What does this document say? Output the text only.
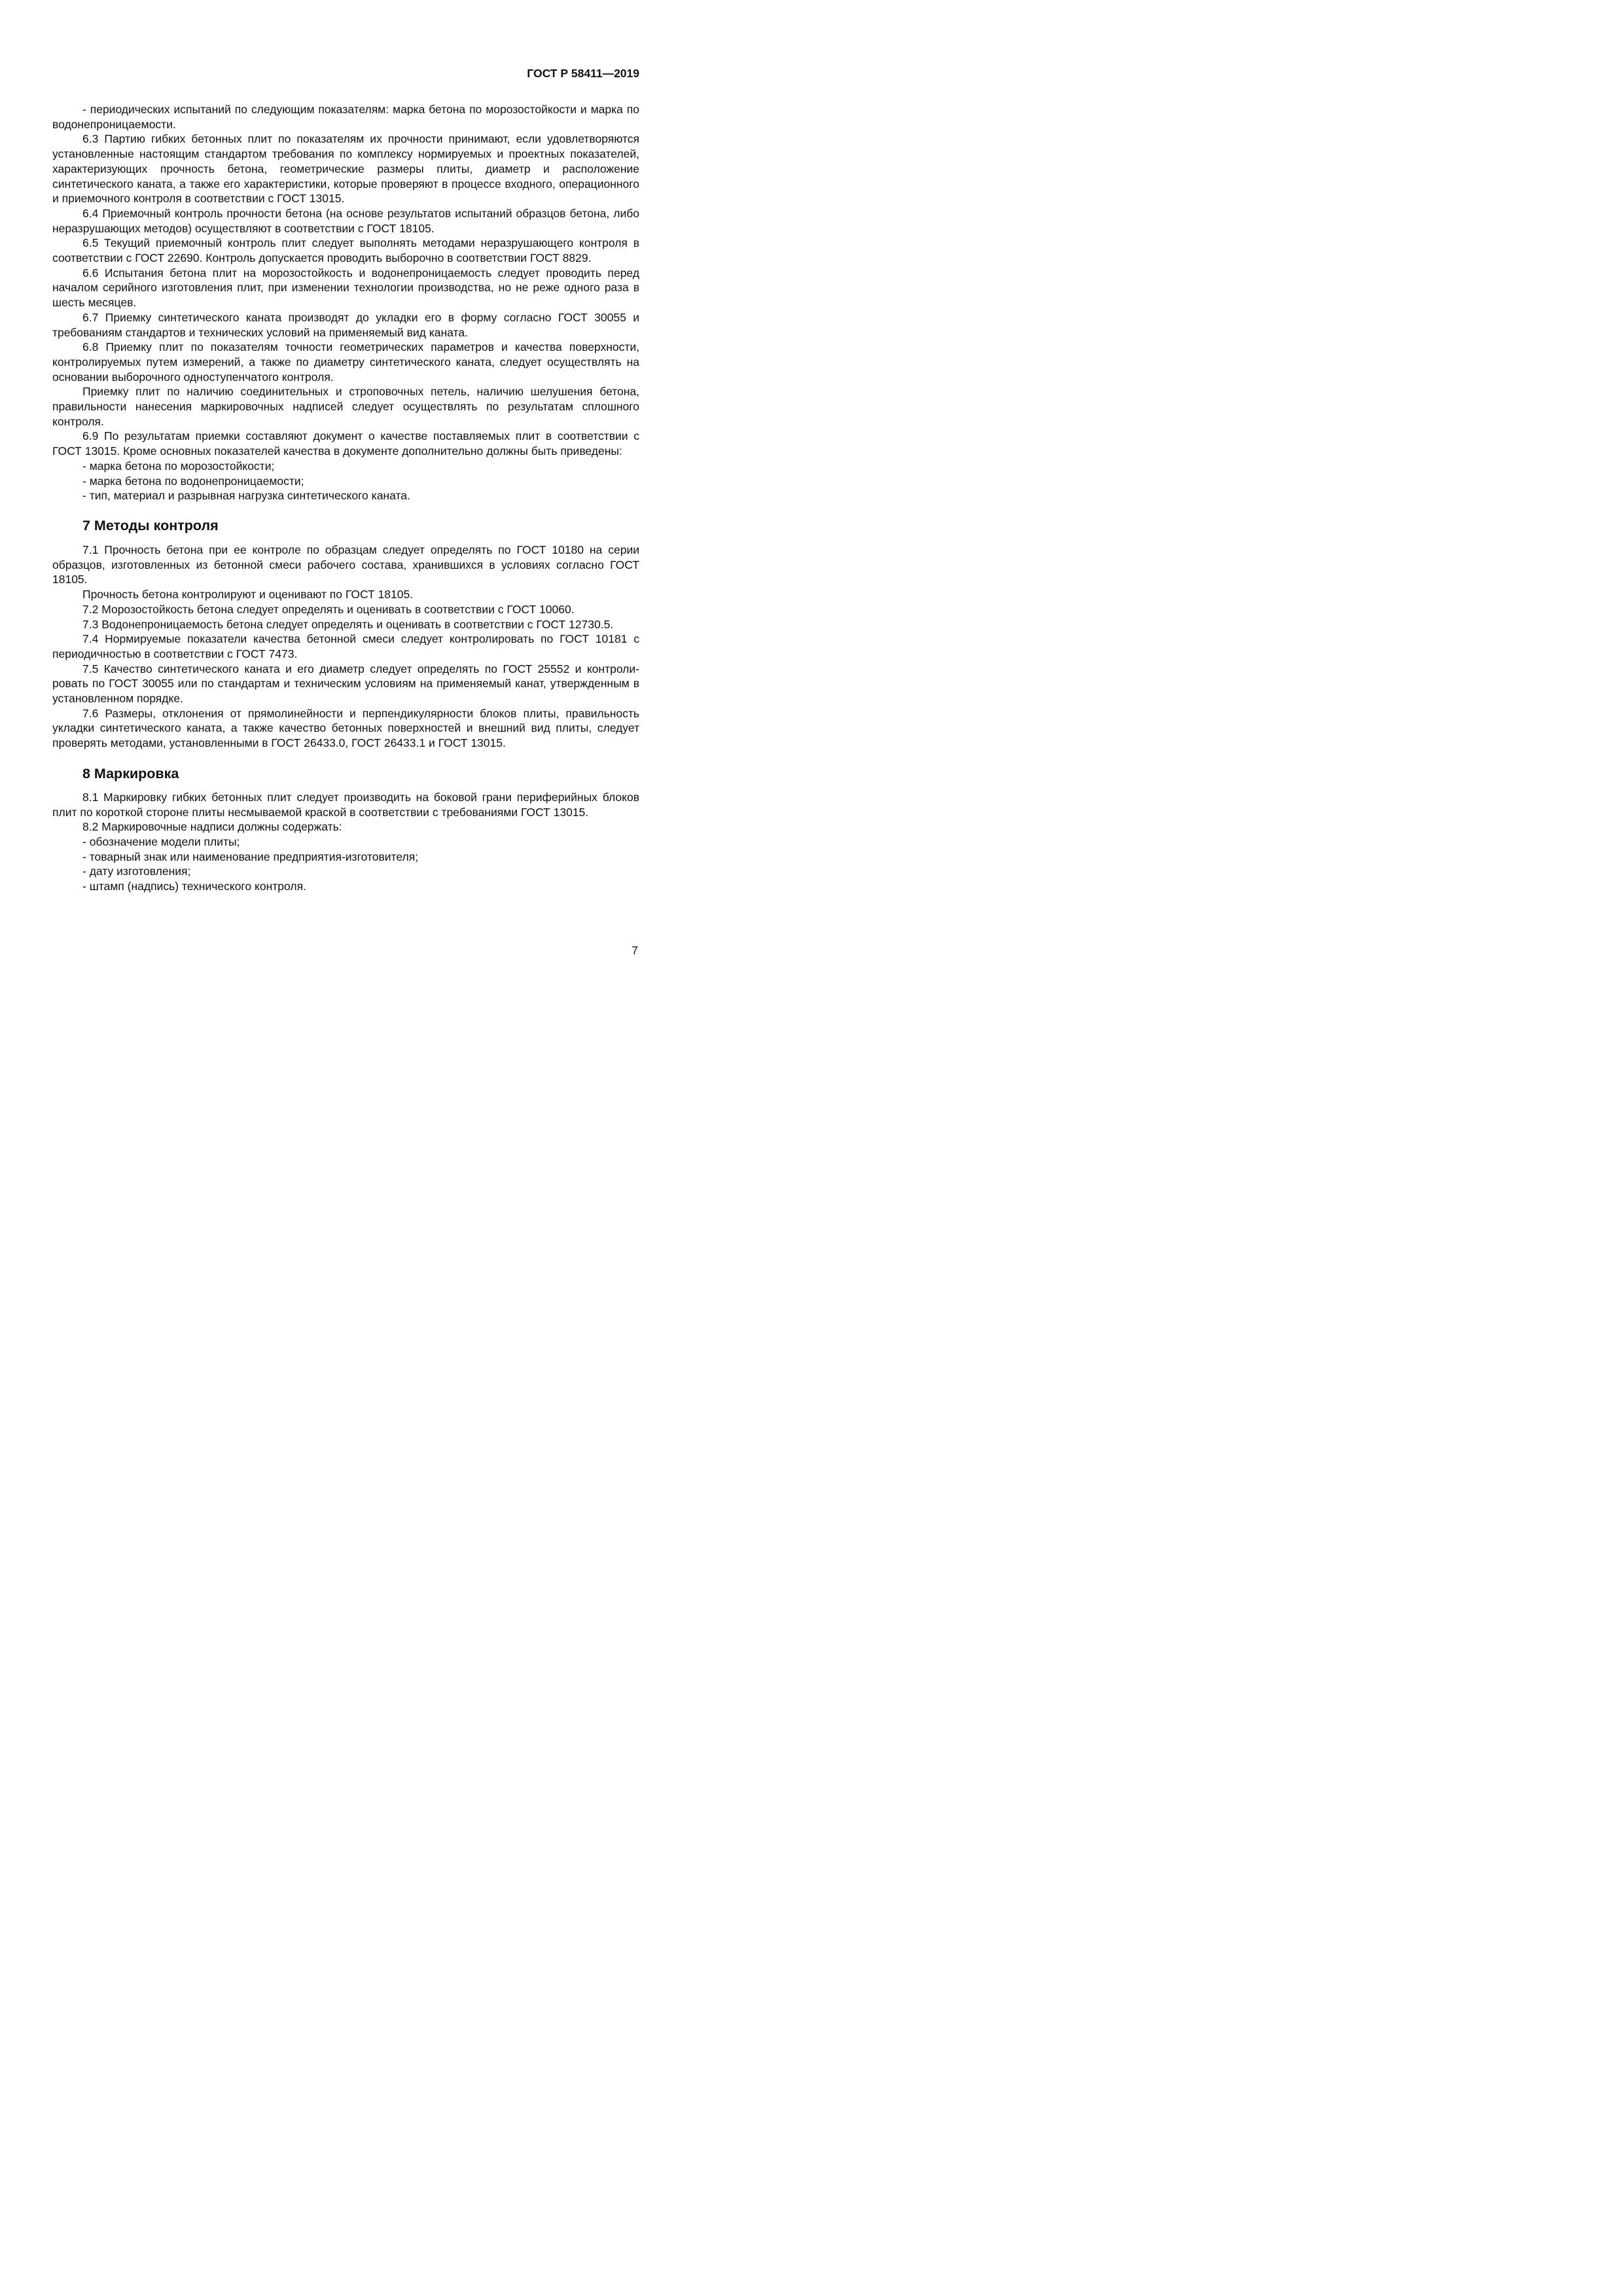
ГОСТ Р 58411—2019

- периодических испытаний по следующим показателям: марка бетона по морозостойкости и марка по водонепроницаемости.

6.3 Партию гибких бетонных плит по показателям их прочности принимают, если удовлетворяются установленные настоящим стандартом требования по комплексу нормируемых и проектных показателей, характеризующих прочность бетона, геометрические размеры плиты, диаметр и расположение синтетического каната, а также его характеристики, которые проверяют в процессе входного, операционного и приемочного контроля в соответствии с ГОСТ 13015.

6.4 Приемочный контроль прочности бетона (на основе результатов испытаний образцов бетона, либо неразрушающих методов) осуществляют в соответствии с ГОСТ 18105.

6.5 Текущий приемочный контроль плит следует выполнять методами неразрушающего контроля в соответствии с ГОСТ 22690. Контроль допускается проводить выборочно в соответствии ГОСТ 8829.

6.6 Испытания бетона плит на морозостойкость и водонепроницаемость следует проводить перед началом серийного изготовления плит, при изменении технологии производства, но не реже одного раза в шесть месяцев.

6.7 Приемку синтетического каната производят до укладки его в форму согласно ГОСТ 30055 и требованиям стандартов и технических условий на применяемый вид каната.

6.8 Приемку плит по показателям точности геометрических параметров и качества поверхности, контролируемых путем измерений, а также по диаметру синтетического каната, следует осуществлять на основании выборочного одноступенчатого контроля.

Приемку плит по наличию соединительных и строповочных петель, наличию шелушения бетона, правильности нанесения маркировочных надписей следует осуществлять по результатам сплошного контроля.

6.9 По результатам приемки составляют документ о качестве поставляемых плит в соответствии с ГОСТ 13015. Кроме основных показателей качества в документе дополнительно должны быть приведены:

- марка бетона по морозостойкости;

- марка бетона по водонепроницаемости;

- тип, материал и разрывная нагрузка синтетического каната.

7 Методы контроля

7.1 Прочность бетона при ее контроле по образцам следует определять по ГОСТ 10180 на серии образцов, изготовленных из бетонной смеси рабочего состава, хранившихся в условиях согласно ГОСТ 18105.

Прочность бетона контролируют и оценивают по ГОСТ 18105.

7.2 Морозостойкость бетона следует определять и оценивать в соответствии с ГОСТ 10060.

7.3 Водонепроницаемость бетона следует определять и оценивать в соответствии с ГОСТ 12730.5.

7.4 Нормируемые показатели качества бетонной смеси следует контролировать по ГОСТ 10181 с периодичностью в соответствии с ГОСТ 7473.

7.5 Качество синтетического каната и его диаметр следует определять по ГОСТ 25552 и контролировать по ГОСТ 30055 или по стандартам и техническим условиям на применяемый канат, утвержденным в установленном порядке.

7.6 Размеры, отклонения от прямолинейности и перпендикулярности блоков плиты, правильность укладки синтетического каната, а также качество бетонных поверхностей и внешний вид плиты, следует проверять методами, установленными в ГОСТ 26433.0, ГОСТ 26433.1 и ГОСТ 13015.

8 Маркировка

8.1 Маркировку гибких бетонных плит следует производить на боковой грани периферийных блоков плит по короткой стороне плиты несмываемой краской в соответствии с требованиями ГОСТ 13015.

8.2 Маркировочные надписи должны содержать:

- обозначение модели плиты;

- товарный знак или наименование предприятия-изготовителя;

- дату изготовления;

- штамп (надпись) технического контроля.

7
